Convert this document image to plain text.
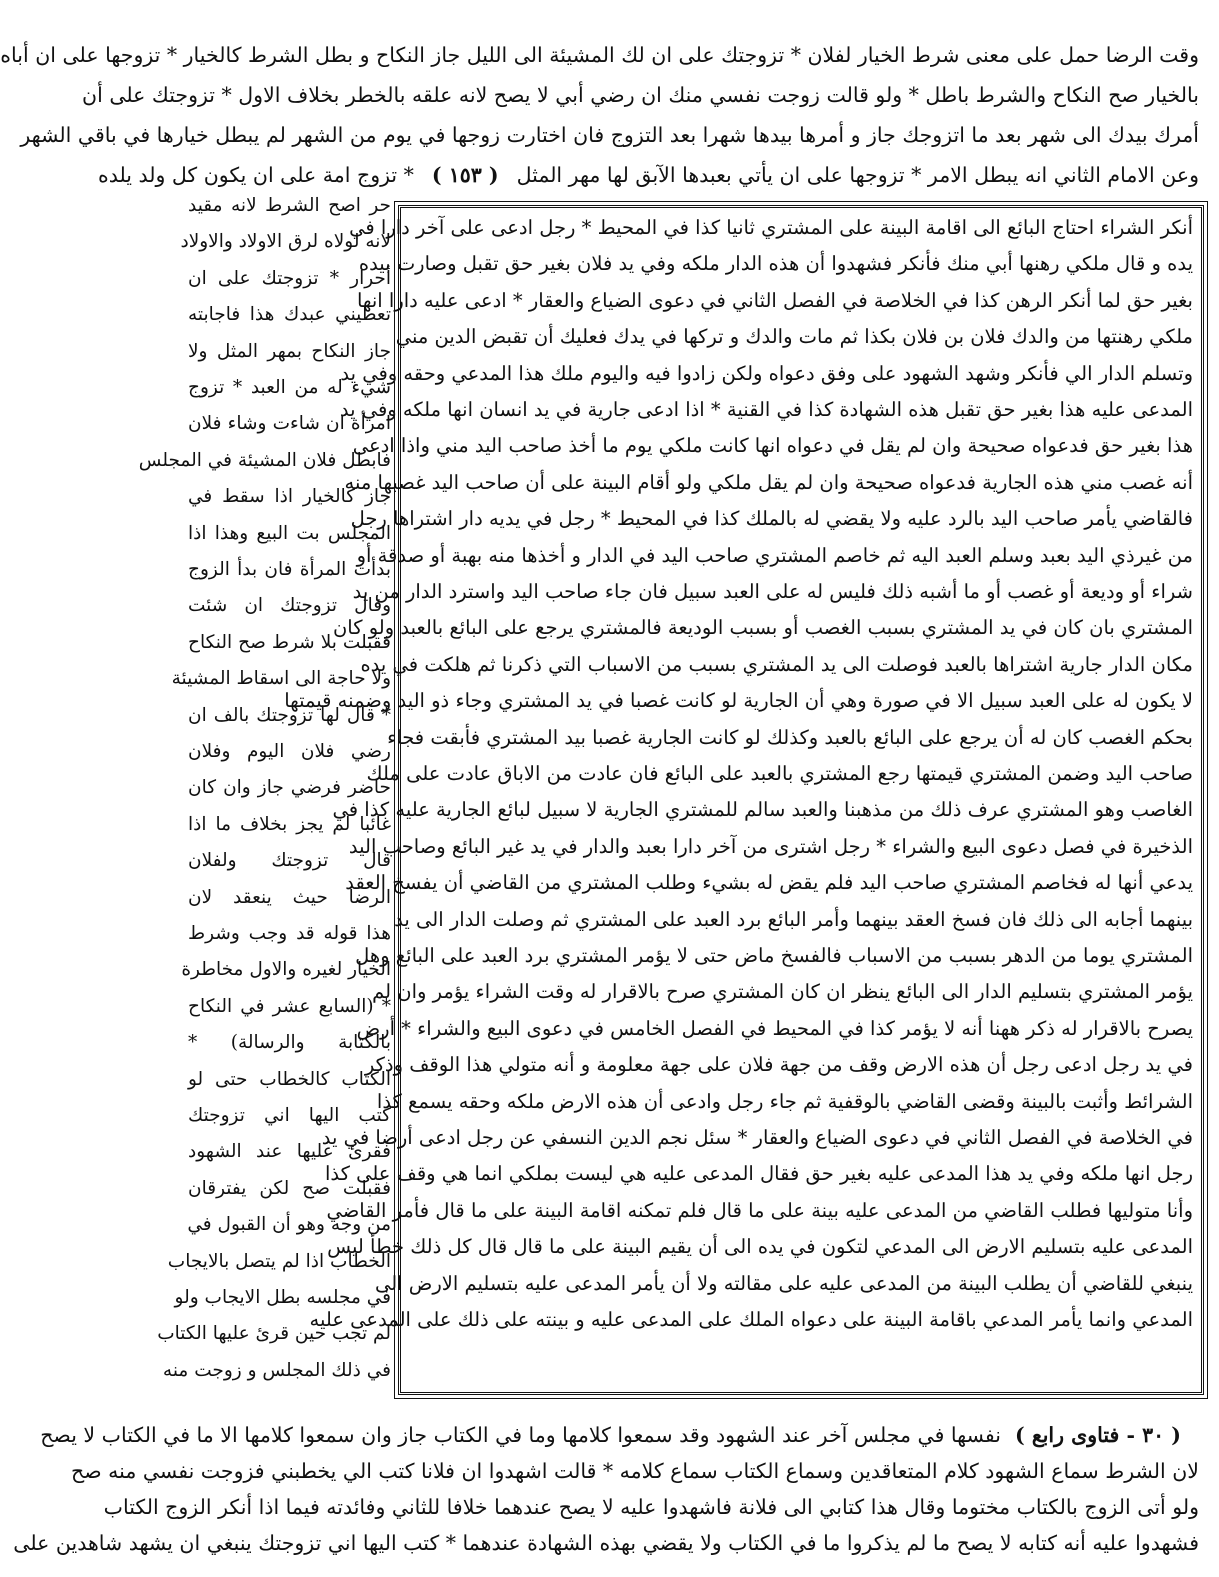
وقت الرضا حمل على معنى شرط الخيار لفلان * تزوجتك على ان لك المشيئة الى الليل جاز النكاح و بطل الشرط كالخيار * تزوجها على ان أباه
بالخيار صح النكاح والشرط باطل * ولو قالت زوجت نفسي منك ان رضي أبي لا يصح لانه علقه بالخطر بخلاف الاول * تزوجتك على أن
أمرك بيدك الى شهر بعد ما اتزوجك جاز و أمرها بيدها شهرا بعد التزوج فان اختارت زوجها في يوم من الشهر لم يبطل خيارها في باقي الشهر
وعن الامام الثاني انه يبطل الامر * تزوجها على ان يأتي بعبدها الآبق لها مهر المثل( ١٥٣ )* تزوج امة على ان يكون كل ولد يلده
أنكر الشراء احتاج البائع الى اقامة البينة على المشتري ثانيا كذا في المحيط * رجل ادعى على آخر دارا في
يده و قال ملكي رهنها أبي منك فأنكر فشهدوا أن هذه الدار ملكه وفي يد فلان بغير حق تقبل وصارت بيده
بغير حق لما أنكر الرهن كذا في الخلاصة في الفصل الثاني في دعوى الضياع والعقار * ادعى عليه دارا انها
ملكي رهنتها من والدك فلان بن فلان بكذا ثم مات والدك و تركها في يدك فعليك أن تقبض الدين مني
وتسلم الدار الي فأنكر وشهد الشهود على وفق دعواه ولكن زادوا فيه واليوم ملك هذا المدعي وحقه وفي يد
المدعى عليه هذا بغير حق تقبل هذه الشهادة كذا في القنية * اذا ادعى جارية في يد انسان انها ملكه وفي يد
هذا بغير حق فدعواه صحيحة وان لم يقل في دعواه انها كانت ملكي يوم ما أخذ صاحب اليد مني واذا ادعى
أنه غصب مني هذه الجارية فدعواه صحيحة وان لم يقل ملكي ولو أقام البينة على أن صاحب اليد غصبها منه
فالقاضي يأمر صاحب اليد بالرد عليه ولا يقضي له بالملك كذا في المحيط * رجل في يديه دار اشتراها رجل
من غيرذي اليد بعبد وسلم العبد اليه ثم خاصم المشتري صاحب اليد في الدار و أخذها منه بهبة أو صدقة أو
شراء أو وديعة أو غصب أو ما أشبه ذلك فليس له على العبد سبيل فان جاء صاحب اليد واسترد الدار من يد
المشتري بان كان في يد المشتري بسبب الغصب أو بسبب الوديعة فالمشتري يرجع على البائع بالعبد ولو كان
مكان الدار جارية اشتراها بالعبد فوصلت الى يد المشتري بسبب من الاسباب التي ذكرنا ثم هلكت في يده
لا يكون له على العبد سبيل الا في صورة وهي أن الجارية لو كانت غصبا في يد المشتري وجاء ذو اليد وضمنه قيمتها
بحكم الغصب كان له أن يرجع على البائع بالعبد وكذلك لو كانت الجارية غصبا بيد المشتري فأبقت فجاء
صاحب اليد وضمن المشتري قيمتها رجع المشتري بالعبد على البائع فان عادت من الاباق عادت على ملك
الغاصب وهو المشتري عرف ذلك من مذهبنا والعبد سالم للمشتري الجارية لا سبيل لبائع الجارية عليه كذا في
الذخيرة في فصل دعوى البيع والشراء * رجل اشترى من آخر دارا بعبد والدار في يد غير البائع وصاحب اليد
يدعي أنها له فخاصم المشتري صاحب اليد فلم يقض له بشيء وطلب المشتري من القاضي أن يفسخ العقد
بينهما أجابه الى ذلك فان فسخ العقد بينهما وأمر البائع برد العبد على المشتري ثم وصلت الدار الى يد
المشتري يوما من الدهر بسبب من الاسباب فالفسخ ماض حتى لا يؤمر المشتري برد العبد على البائع وهل
يؤمر المشتري بتسليم الدار الى البائع ينظر ان كان المشتري صرح بالاقرار له وقت الشراء يؤمر وان لم
يصرح بالاقرار له ذكر ههنا أنه لا يؤمر كذا في المحيط في الفصل الخامس في دعوى البيع والشراء * أرض
في يد رجل ادعى رجل أن هذه الارض وقف من جهة فلان على جهة معلومة و أنه متولي هذا الوقف وذكر
الشرائط وأثبت بالبينة وقضى القاضي بالوقفية ثم جاء رجل وادعى أن هذه الارض ملكه وحقه يسمع كذا
في الخلاصة في الفصل الثاني في دعوى الضياع والعقار * سئل نجم الدين النسفي عن رجل ادعى أرضا في يد
رجل انها ملكه وفي يد هذا المدعى عليه بغير حق فقال المدعى عليه هي ليست بملكي انما هي وقف على كذا
وأنا متوليها فطلب القاضي من المدعى عليه بينة على ما قال فلم تمكنه اقامة البينة على ما قال فأمر القاضي
المدعى عليه بتسليم الارض الى المدعي لتكون في يده الى أن يقيم البينة على ما قال قال كل ذلك خطأ ليس
ينبغي للقاضي أن يطلب البينة من المدعى عليه على مقالته ولا أن يأمر المدعى عليه بتسليم الارض الى
المدعي وانما يأمر المدعي باقامة البينة على دعواه الملك على المدعى عليه و بينته على ذلك على المدعى عليه
حر اصح الشرط لانه مقيد
لانه لولاه لرق الاولاد والاولاد
أحرار * تزوجتك على ان
تعطيني عبدك هذا فاجابته
جاز النكاح بمهر المثل ولا
شيء له من العبد * تزوج
امرأة ان شاءت وشاء فلان
فابطل فلان المشيئة في المجلس
جاز كالخيار اذا سقط في
المجلس بت البيع وهذا اذا
بدأت المرأة فان بدأ الزوج
وقال تزوجتك ان شئت
فقبلت بلا شرط صح النكاح
ولا حاجة الى اسقاط المشيئة
* قال لها تزوجتك بالف ان
رضي فلان اليوم وفلان
حاضر فرضي جاز وان كان
غائبا لم يجز بخلاف ما اذا
قال تزوجتك ولفلان
الرضا حيث ينعقد لان
هذا قوله قد وجب وشرط
الخيار لغيره والاول مخاطرة
* (السابع عشر في النكاح
بالكتابة والرسالة) *
الكتاب كالخطاب حتى لو
كتب اليها اني تزوجتك
فقرئ عليها عند الشهود
فقبلت صح لكن يفترقان
من وجه وهو أن القبول في
الخطاب اذا لم يتصل بالايجاب
في مجلسه بطل الايجاب ولو
لم تجب حين قرئ عليها الكتاب
في ذلك المجلس و زوجت منه
( ٣٠ - فتاوى رابع )نفسها في مجلس آخر عند الشهود وقد سمعوا كلامها وما في الكتاب جاز وان سمعوا كلامها الا ما في الكتاب لا يصح
لان الشرط سماع الشهود كلام المتعاقدين وسماع الكتاب سماع كلامه * قالت اشهدوا ان فلانا كتب الي يخطبني فزوجت نفسي منه صح
ولو أتى الزوج بالكتاب مختوما وقال هذا كتابي الى فلانة فاشهدوا عليه لا يصح عندهما خلافا للثاني وفائدته فيما اذا أنكر الزوج الكتاب
فشهدوا عليه أنه كتابه لا يصح ما لم يذكروا ما في الكتاب ولا يقضي بهذه الشهادة عندهما * كتب اليها اني تزوجتك ينبغي ان يشهد شاهدين على
